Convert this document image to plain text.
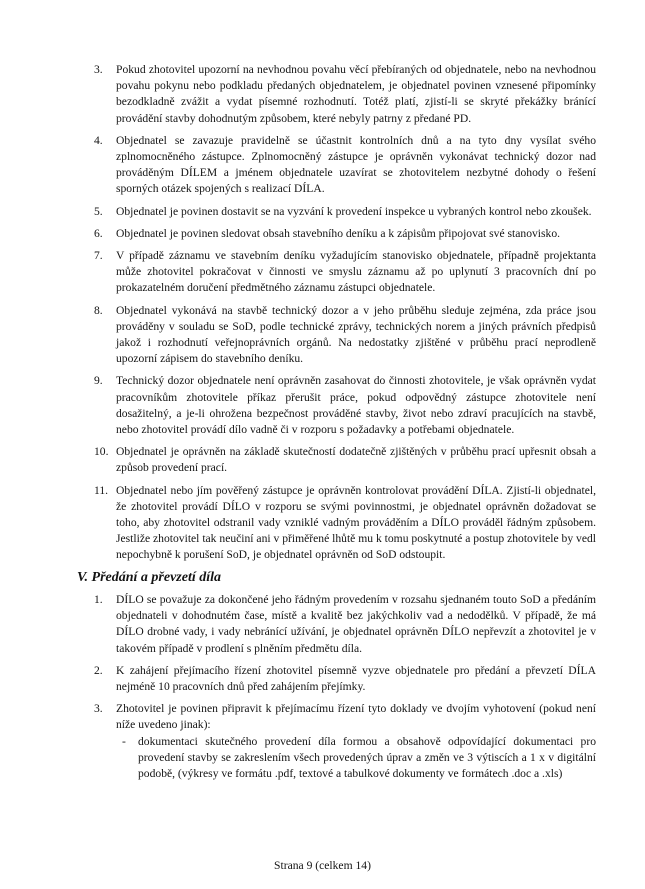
3. Pokud zhotovitel upozorní na nevhodnou povahu věcí přebíraných od objednatele, nebo na nevhodnou povahu pokynu nebo podkladu předaných objednatelem, je objednatel povinen vznesené připomínky bezodkladně zvážit a vydat písemné rozhodnutí. Totéž platí, zjistí-li se skryté překážky bránící provádění stavby dohodnutým způsobem, které nebyly patrny z předané PD.
4. Objednatel se zavazuje pravidelně se účastnit kontrolních dnů a na tyto dny vysílat svého zplnomocněného zástupce. Zplnomocněný zástupce je oprávněn vykonávat technický dozor nad prováděným DÍLEM a jménem objednatele uzavírat se zhotovitelem nezbytné dohody o řešení sporných otázek spojených s realizací DÍLA.
5. Objednatel je povinen dostavit se na vyzvání k provedení inspekce u vybraných kontrol nebo zkoušek.
6. Objednatel je povinen sledovat obsah stavebního deníku a k zápisům připojovat své stanovisko.
7. V případě záznamu ve stavebním deníku vyžadujícím stanovisko objednatele, případně projektanta může zhotovitel pokračovat v činnosti ve smyslu záznamu až po uplynutí 3 pracovních dní po prokazatelném doručení předmětného záznamu zástupci objednatele.
8. Objednatel vykonává na stavbě technický dozor a v jeho průběhu sleduje zejména, zda práce jsou prováděny v souladu se SoD, podle technické zprávy, technických norem a jiných právních předpisů jakož i rozhodnutí veřejnoprávních orgánů. Na nedostatky zjištěné v průběhu prací neprodleně upozorní zápisem do stavebního deníku.
9. Technický dozor objednatele není oprávněn zasahovat do činnosti zhotovitele, je však oprávněn vydat pracovníkům zhotovitele příkaz přerušit práce, pokud odpovědný zástupce zhotovitele není dosažitelný, a je-li ohrožena bezpečnost prováděné stavby, život nebo zdraví pracujících na stavbě, nebo zhotovitel provádí dílo vadně či v rozporu s požadavky a potřebami objednatele.
10. Objednatel je oprávněn na základě skutečností dodatečně zjištěných v průběhu prací upřesnit obsah a způsob provedení prací.
11. Objednatel nebo jím pověřený zástupce je oprávněn kontrolovat provádění DÍLA. Zjistí-li objednatel, že zhotovitel provádí DÍLO v rozporu se svými povinnostmi, je objednatel oprávněn dožadovat se toho, aby zhotovitel odstranil vady vzniklé vadným prováděním a DÍLO prováděl řádným způsobem. Jestliže zhotovitel tak neučiní ani v přiměřené lhůtě mu k tomu poskytnuté a postup zhotovitele by vedl nepochybně k porušení SoD, je objednatel oprávněn od SoD odstoupit.
V. Předání a převzetí díla
1. DÍLO se považuje za dokončené jeho řádným provedením v rozsahu sjednaném touto SoD a předáním objednateli v dohodnutém čase, místě a kvalitě bez jakýchkoliv vad a nedodělků. V případě, že má DÍLO drobné vady, i vady nebránící užívání, je objednatel oprávněn DÍLO nepřevzít a zhotovitel je v takovém případě v prodlení s plněním předmětu díla.
2. K zahájení přejímacího řízení zhotovitel písemně vyzve objednatele pro předání a převzetí DÍLA nejméně 10 pracovních dnů před zahájením přejímky.
3. Zhotovitel je povinen připravit k přejímacímu řízení tyto doklady ve dvojím vyhotovení (pokud není níže uvedeno jinak):
- dokumentaci skutečného provedení díla formou a obsahově odpovídající dokumentaci pro provedení stavby se zakreslením všech provedených úprav a změn ve 3 výtiscích a 1 x v digitální podobě, (výkresy ve formátu .pdf, textové a tabulkové dokumenty ve formátech .doc a .xls)
Strana 9 (celkem 14)
